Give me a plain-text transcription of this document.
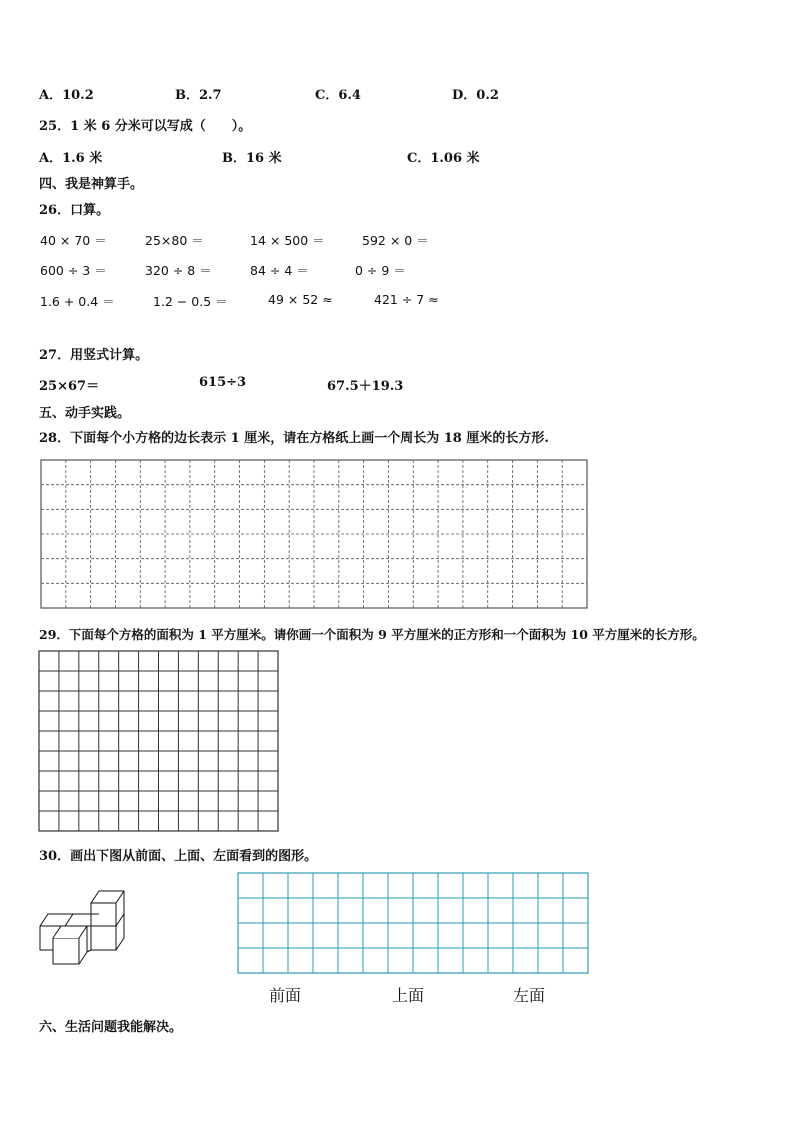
A．10.2	B．2.7	C．6.4	D．0.2
25．1 米 6 分米可以写成（　　）。
A．1.6 米	B．16 米	C．1.06 米
四、我是神算手。
26．口算。
40 × 70 ＝	25×80 ＝	14 × 500 ＝	592 × 0 ＝
600 ÷ 3 ＝	320 ÷ 8 ＝	84 ÷ 4 ＝	0 ÷ 9 ＝
1.6 + 0.4 ＝	1.2 − 0.5 ＝	49 × 52 ≈	421 ÷ 7 ≈
27．用竖式计算。
25×67＝	615÷3	67.5＋19.3
五、动手实践。
28．下面每个小方格的边长表示 1 厘米，请在方格纸上画一个周长为 18 厘米的长方形.
29．下面每个方格的面积为 1 平方厘米。请你画一个面积为 9 平方厘米的正方形和一个面积为 10 平方厘米的长方形。
30．画出下图从前面、上面、左面看到的图形。
前面	上面	左面
六、生活问题我能解决。
